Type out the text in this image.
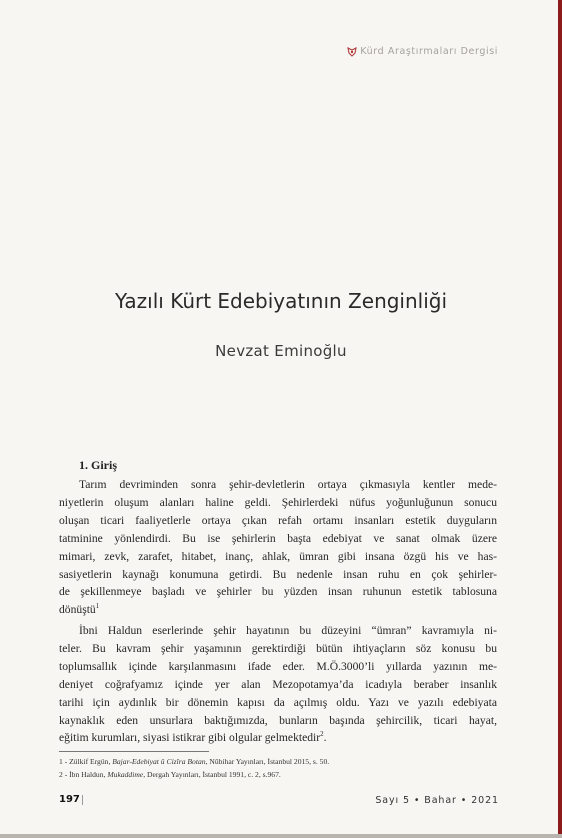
Kürd Araştırmaları Dergisi
Yazılı Kürt Edebiyatının Zenginliği
Nevzat Eminoğlu
1. Giriş
Tarım devriminden sonra şehir-devletlerin ortaya çıkmasıyla kentler mede-
niyetlerin oluşum alanları haline geldi. Şehirlerdeki nüfus yoğunluğunun sonucu
oluşan ticari faaliyetlerle ortaya çıkan refah ortamı insanları estetik duyguların
tatminine yönlendirdi. Bu ise şehirlerin başta edebiyat ve sanat olmak üzere
mimari, zevk, zarafet, hitabet, inanç, ahlak, ümran gibi insana özgü his ve has-
sasiyetlerin kaynağı konumuna getirdi. Bu nedenle insan ruhu en çok şehirler-
de şekillenmeye başladı ve şehirler bu yüzden insan ruhunun estetik tablosuna
dönüştü$^1$
İbni Haldun eserlerinde şehir hayatının bu düzeyini “ümran” kavramıyla ni-
teler. Bu kavram şehir yaşamının gerektirdiği bütün ihtiyaçların söz konusu bu
toplumsallık içinde karşılanmasını ifade eder. M.Ö.3000’li yıllarda yazının me-
deniyet coğrafyamız içinde yer alan Mezopotamya’da icadıyla beraber insanlık
tarihi için aydınlık bir dönemin kapısı da açılmış oldu. Yazı ve yazılı edebiyata
kaynaklık eden unsurlara baktığımızda, bunların başında şehircilik, ticari hayat,
eğitim kurumları, siyasi istikrar gibi olgular gelmektedir$^2$.
1 - Zülkif Ergün, Bajar-Edebiyat û Cizîra Botan, Nûbihar Yayınları, İstanbul 2015, s. 50.
2 - İbn Haldun, Mukaddime, Dergah Yayınları, İstanbul 1991, c. 2, s.967.
197	Sayı 5 • Bahar • 2021
